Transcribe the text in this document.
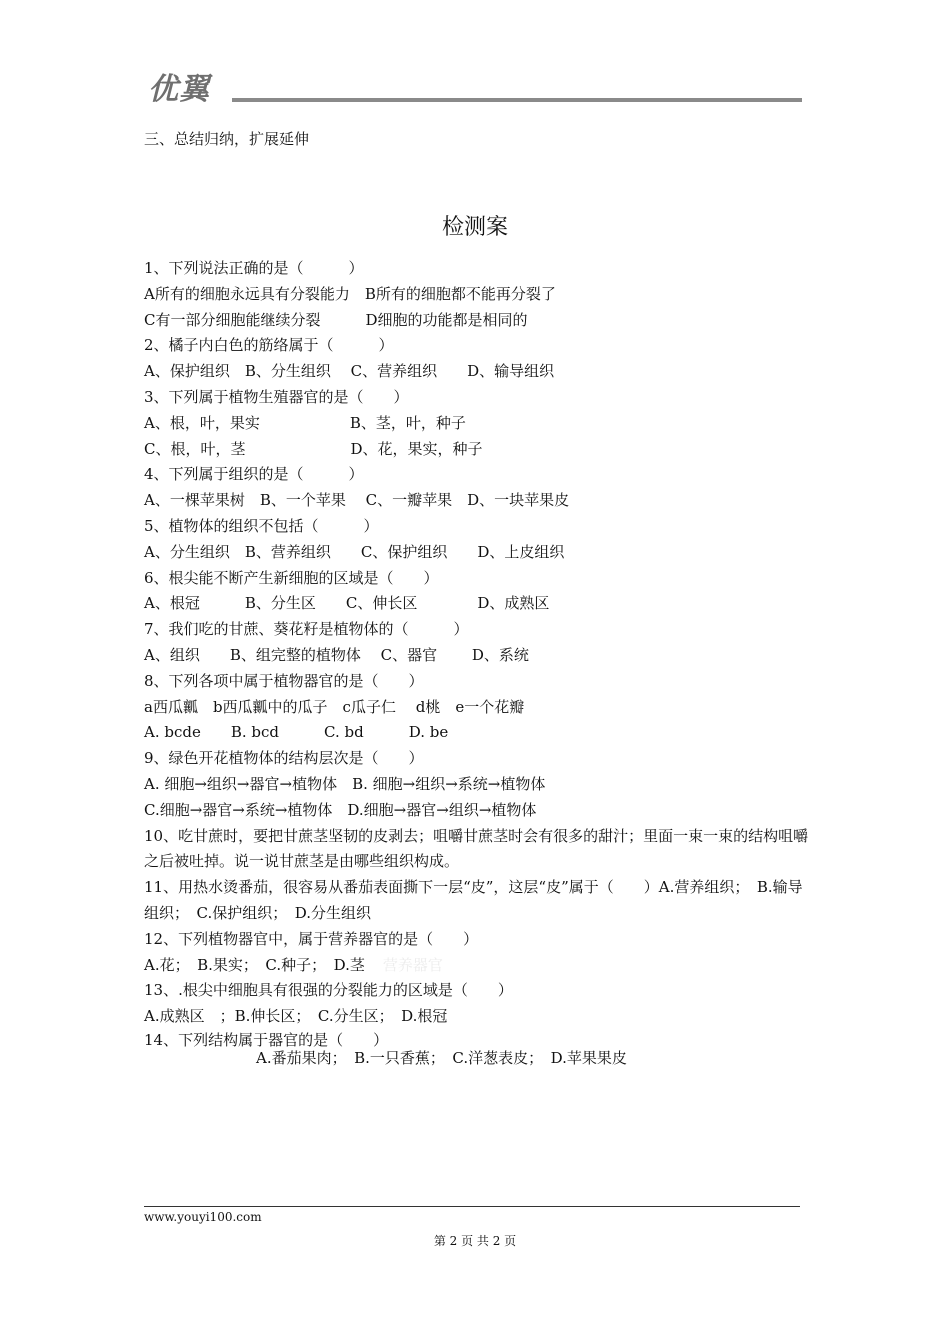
优翼
三、总结归纳，扩展延伸
检测案
1、下列说法正确的是（　　　）
A所有的细胞永远具有分裂能力　B所有的细胞都不能再分裂了
C有一部分细胞能继续分裂　　　D细胞的功能都是相同的
2、橘子内白色的筋络属于（　　　）
A、保护组织　B、分生组织　 C、营养组织　　D、输导组织
3、下列属于植物生殖器官的是（　　）
A、根，叶，果实　　　　　　B、茎，叶，种子
C、根，叶，茎　　　　　　　D、花，果实，种子
4、下列属于组织的是（　　　）
A、一棵苹果树　B、一个苹果　 C、一瓣苹果　D、一块苹果皮
5、植物体的组织不包括（　　　）
A、分生组织　B、营养组织　　C、保护组织　　D、上皮组织
6、根尖能不断产生新细胞的区域是（　　）
A、根冠　　　B、分生区　　C、伸长区　　　　D、成熟区
7、我们吃的甘蔗、葵花籽是植物体的（　　　）
A、组织　　B、组完整的植物体　 C、器官　　 D、系统
8、下列各项中属于植物器官的是（　　）
a西瓜瓤　b西瓜瓤中的瓜子　c瓜子仁　 d桃　e一个花瓣
A. bcde　　B. bcd　　　C. bd　　　D. be
9、绿色开花植物体的结构层次是（　　）
A. 细胞→组织→器官→植物体　B. 细胞→组织→系统→植物体
C.细胞→器官→系统→植物体　D.细胞→器官→组织→植物体
10、吃甘蔗时，要把甘蔗茎坚韧的皮剥去；咀嚼甘蔗茎时会有很多的甜汁；里面一束一束的结构咀嚼之后被吐掉。说一说甘蔗茎是由哪些组织构成。
11、用热水烫番茄，很容易从番茄表面撕下一层“皮”，这层“皮”属于（　　）A.营养组织；　B.输导组织；　C.保护组织；　D.分生组织
12、下列植物器官中，属于营养器官的是（　　）
A.花；　B.果实；　C.种子；　D.茎 营养器官
13、.根尖中细胞具有很强的分裂能力的区域是（　　）
A.成熟区　；B.伸长区；　C.分生区；　D.根冠
14、下列结构属于器官的是（　　）
A.番茄果肉；　B.一只香蕉；　C.洋葱表皮；　D.苹果果皮
www.youyi100.com
第 2 页 共 2 页
